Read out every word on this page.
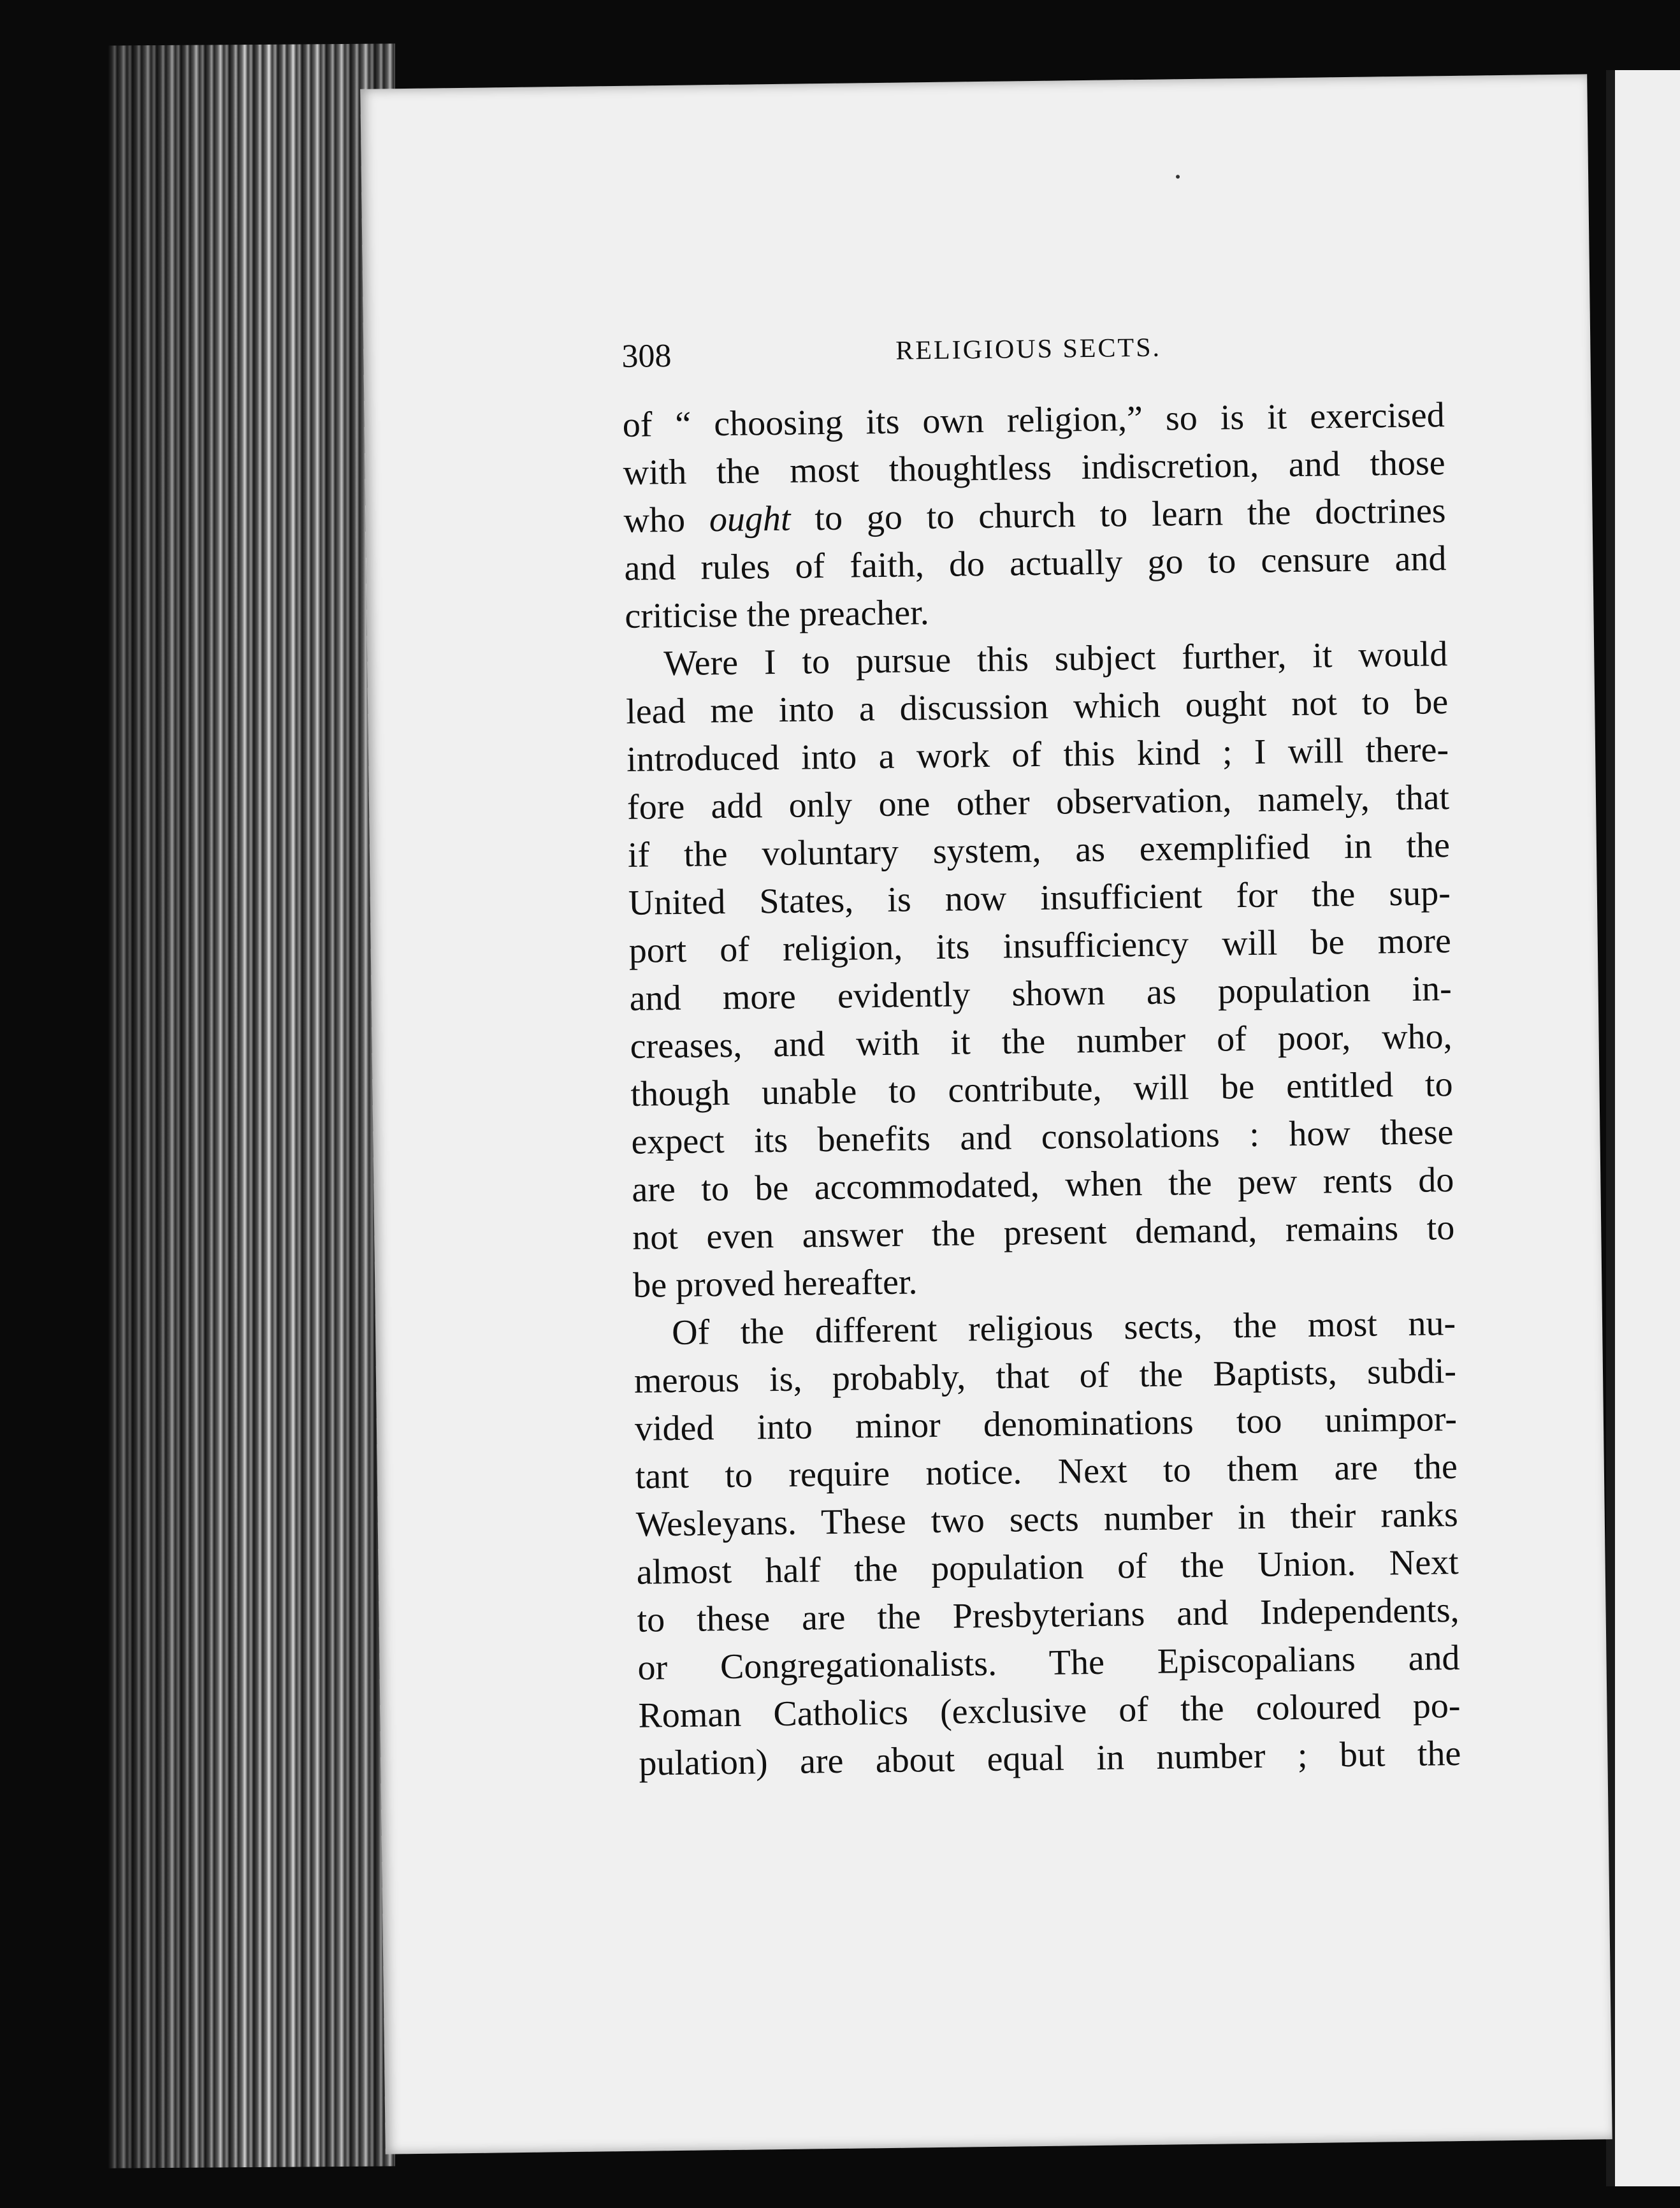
308	RELIGIOUS SECTS.
of “ choosing its own religion,” so is it exercised
with the most thoughtless indiscretion, and those
who ought to go to church to learn the doctrines
and rules of faith, do actually go to censure and
criticise the preacher.
Were I to pursue this subject further, it would
lead me into a discussion which ought not to be
introduced into a work of this kind ; I will there-
fore add only one other observation, namely, that
if the voluntary system, as exemplified in the
United States, is now insufficient for the sup-
port of religion, its insufficiency will be more
and more evidently shown as population in-
creases, and with it the number of poor, who,
though unable to contribute, will be entitled to
expect its benefits and consolations : how these
are to be accommodated, when the pew rents do
not even answer the present demand, remains to
be proved hereafter.
Of the different religious sects, the most nu-
merous is, probably, that of the Baptists, subdi-
vided into minor denominations too unimpor-
tant to require notice. Next to them are the
Wesleyans. These two sects number in their ranks
almost half the population of the Union. Next
to these are the Presbyterians and Independents,
or Congregationalists. The Episcopalians and
Roman Catholics (exclusive of the coloured po-
pulation) are about equal in number ; but the
